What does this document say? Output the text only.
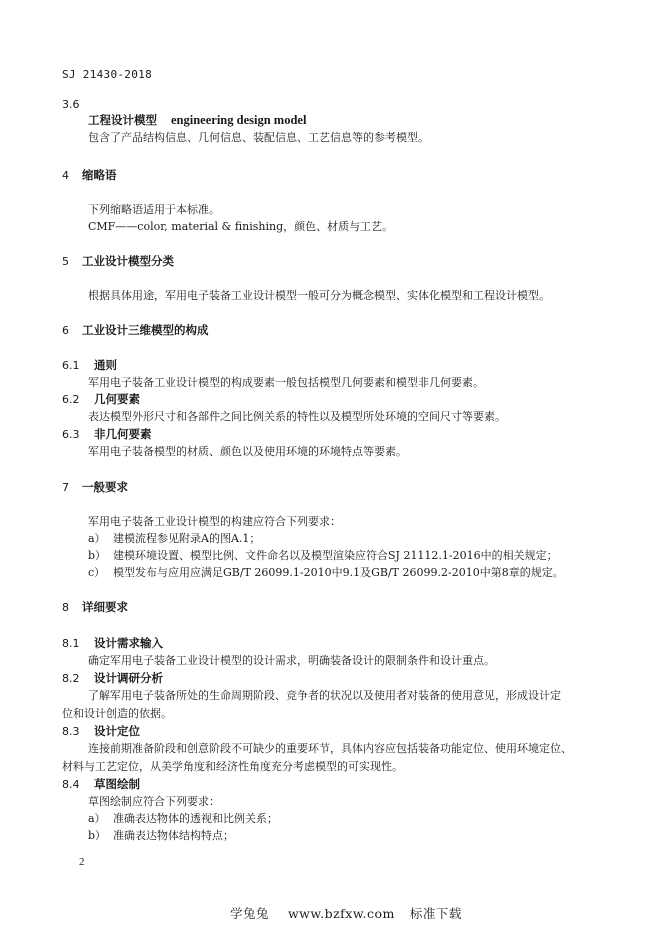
SJ 21430-2018
3.6
工程设计模型 engineering design model
包含了产品结构信息、几何信息、装配信息、工艺信息等的参考模型。
4 缩略语
下列缩略语适用于本标准。
CMF——color, material & finishing，颜色、材质与工艺。
5 工业设计模型分类
根据具体用途，军用电子装备工业设计模型一般可分为概念模型、实体化模型和工程设计模型。
6 工业设计三维模型的构成
6.1 通则
军用电子装备工业设计模型的构成要素一般包括模型几何要素和模型非几何要素。
6.2 几何要素
表达模型外形尺寸和各部件之间比例关系的特性以及模型所处环境的空间尺寸等要素。
6.3 非几何要素
军用电子装备模型的材质、颜色以及使用环境的环境特点等要素。
7 一般要求
军用电子装备工业设计模型的构建应符合下列要求：
a） 建模流程参见附录A的图A.1；
b） 建模环境设置、模型比例、文件命名以及模型渲染应符合SJ 21112.1-2016中的相关规定；
c） 模型发布与应用应满足GB/T 26099.1-2010中9.1及GB/T 26099.2-2010中第8章的规定。
8 详细要求
8.1 设计需求输入
确定军用电子装备工业设计模型的设计需求，明确装备设计的限制条件和设计重点。
8.2 设计调研分析
了解军用电子装备所处的生命周期阶段、竞争者的状况以及使用者对装备的使用意见，形成设计定
位和设计创造的依据。
8.3 设计定位
连接前期准备阶段和创意阶段不可缺少的重要环节，具体内容应包括装备功能定位、使用环境定位、
材料与工艺定位，从美学角度和经济性角度充分考虑模型的可实现性。
8.4 草图绘制
草图绘制应符合下列要求：
a） 准确表达物体的透视和比例关系；
b） 准确表达物体结构特点；
2
学兔兔 www.bzfxw.com 标准下载
